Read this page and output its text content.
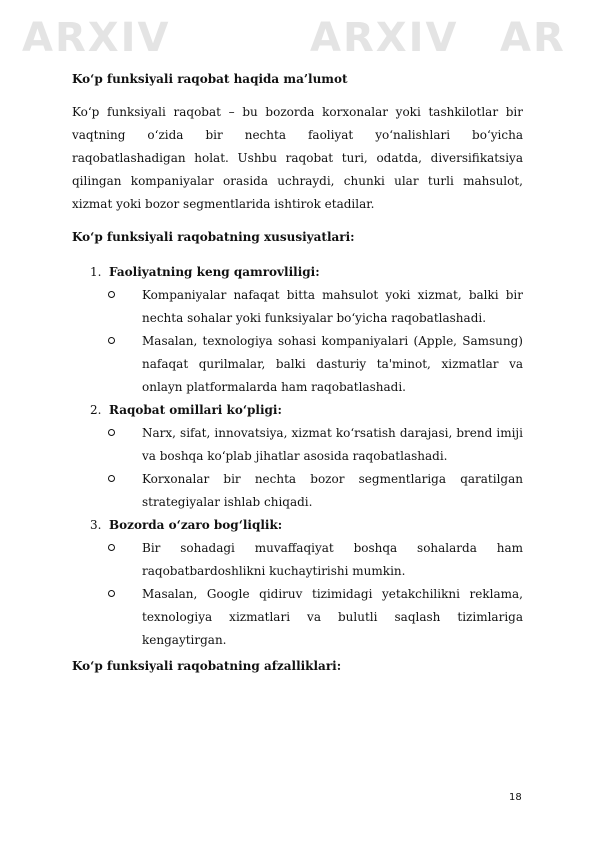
ARXIV	ARXIV AR

Ko‘p funksiyali raqobat haqida ma’lumot

Ko‘p funksiyali raqobat – bu bozorda korxonalar yoki tashkilotlar bir vaqtning o‘zida bir nechta faoliyat yo‘nalishlari bo‘yicha raqobatlashadigan holat. Ushbu raqobat turi, odatda, diversifikatsiya qilingan kompaniyalar orasida uchraydi, chunki ular turli mahsulot, xizmat yoki bozor segmentlarida ishtirok etadilar.

Ko‘p funksiyali raqobatning xususiyatlari:

1. Faoliyatning keng qamrovliligi:
Kompaniyalar nafaqat bitta mahsulot yoki xizmat, balki bir nechta sohalar yoki funksiyalar bo‘yicha raqobatlashadi.
Masalan, texnologiya sohasi kompaniyalari (Apple, Samsung) nafaqat qurilmalar, balki dasturiy ta'minot, xizmatlar va onlayn platformalarda ham raqobatlashadi.
2. Raqobat omillari ko‘pligi:
Narx, sifat, innovatsiya, xizmat ko‘rsatish darajasi, brend imiji va boshqa ko‘plab jihatlar asosida raqobatlashadi.
Korxonalar bir nechta bozor segmentlariga qaratilgan strategiyalar ishlab chiqadi.
3. Bozorda o‘zaro bog‘liqlik:
Bir sohadagi muvaffaqiyat boshqa sohalarda ham raqobatbardoshlikni kuchaytirishi mumkin.
Masalan, Google qidiruv tizimidagi yetakchilikni reklama, texnologiya xizmatlari va bulutli saqlash tizimlariga kengaytirgan.

Ko‘p funksiyali raqobatning afzalliklari:

18
